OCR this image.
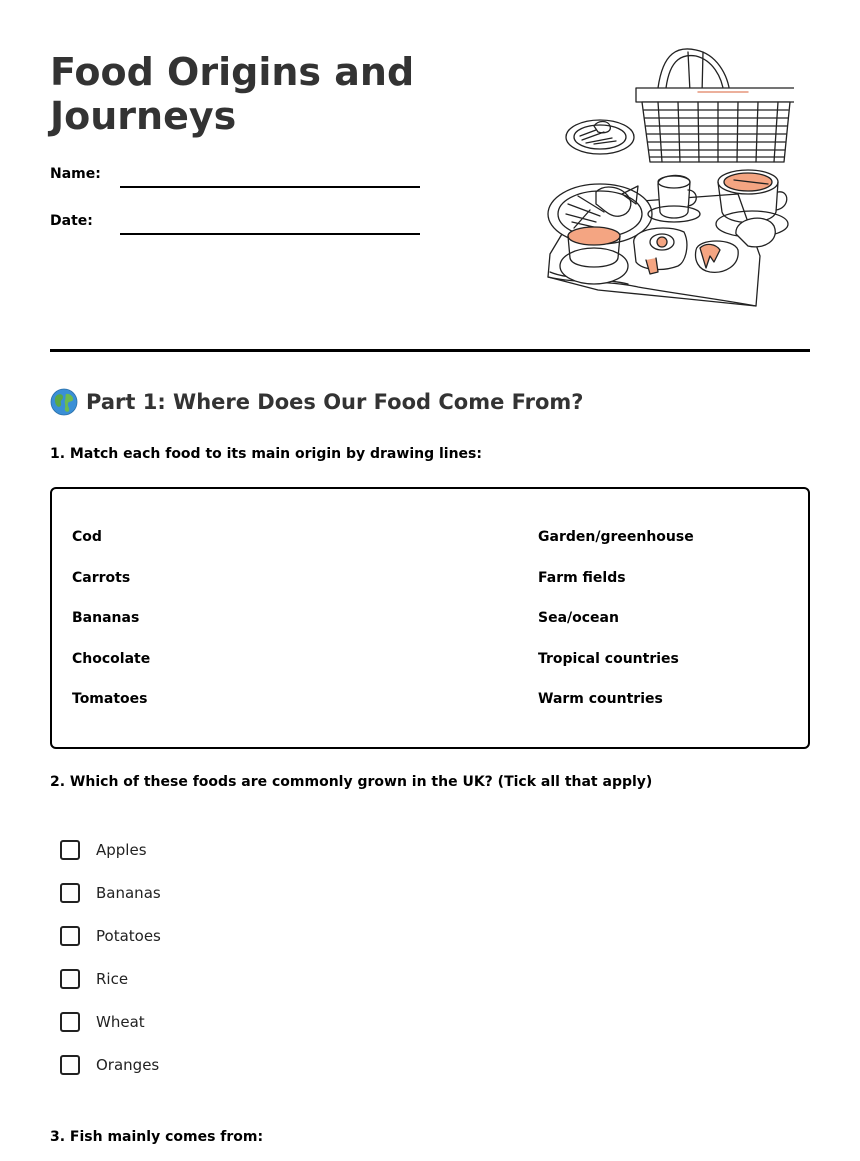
Food Origins and
Journeys
Name:
Date:
Part 1: Where Does Our Food Come From?
1. Match each food to its main origin by drawing lines:
Cod
Carrots
Bananas
Chocolate
Tomatoes
Garden/greenhouse
Farm fields
Sea/ocean
Tropical countries
Warm countries
2. Which of these foods are commonly grown in the UK? (Tick all that apply)
Apples
Bananas
Potatoes
Rice
Wheat
Oranges
3. Fish mainly comes from:
